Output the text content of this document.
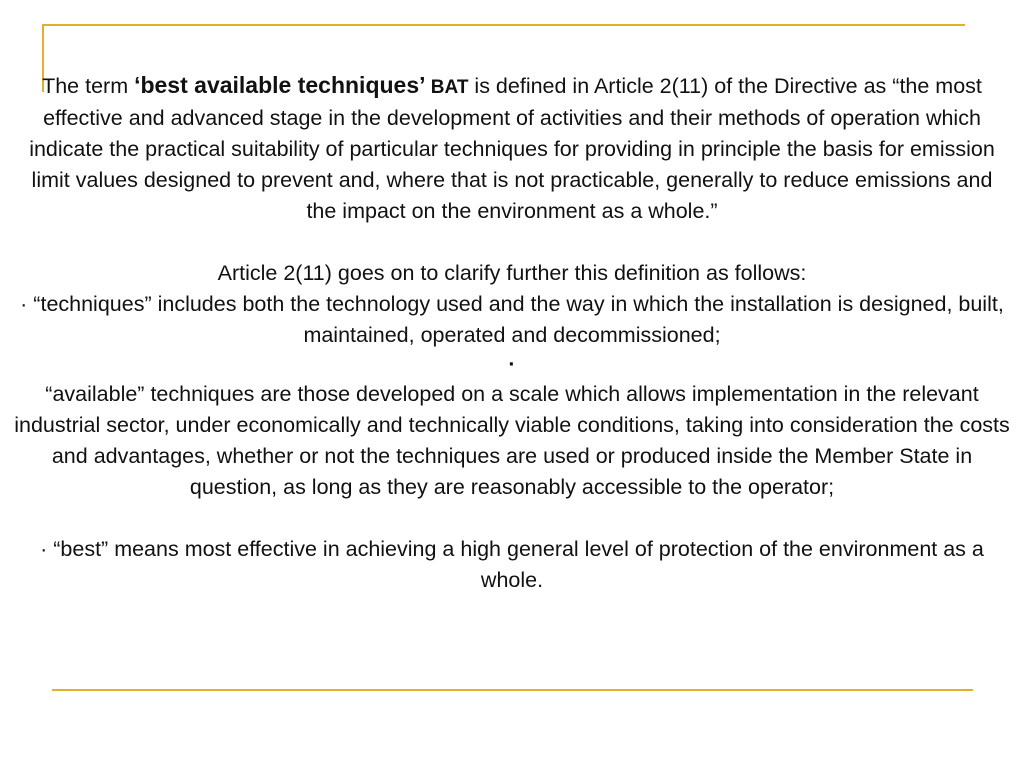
The term ‘best available techniques’ BAT is defined in Article 2(11) of the Directive as “the most effective and advanced stage in the development of activities and their methods of operation which indicate the practical suitability of particular techniques for providing in principle the basis for emission limit values designed to prevent and, where that is not practicable, generally to reduce emissions and the impact on the environment as a whole.”

Article 2(11) goes on to clarify further this definition as follows:

· “techniques” includes both the technology used and the way in which the installation is designed, built, maintained, operated and decommissioned;

·

“available” techniques are those developed on a scale which allows implementation in the relevant industrial sector, under economically and technically viable conditions, taking into consideration the costs and advantages, whether or not the techniques are used or produced inside the Member State in question, as long as they are reasonably accessible to the operator;

· “best” means most effective in achieving a high general level of protection of the environment as a whole.
